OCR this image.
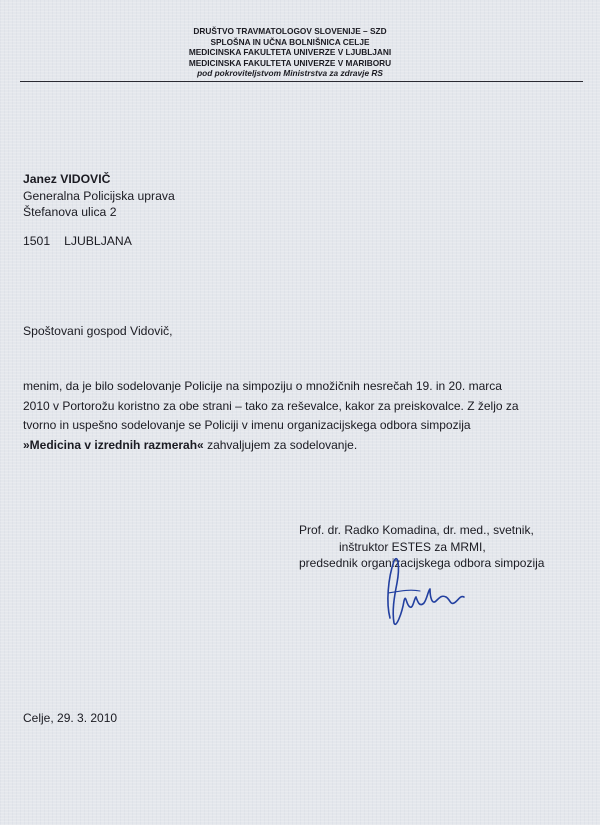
DRUŠTVO TRAVMATOLOGOV SLOVENIJE – SZD
SPLOŠNA IN UČNA BOLNIŠNICA CELJE
MEDICINSKA FAKULTETA UNIVERZE V LJUBLJANI
MEDICINSKA FAKULTETA UNIVERZE V MARIBORU
pod pokroviteljstvom Ministrstva za zdravje RS
Janez VIDOVIČ
Generalna Policijska uprava
Štefanova ulica 2
1501 LJUBLJANA
Spoštovani gospod Vidovič,
menim, da je bilo sodelovanje Policije na simpoziju o množičnih nesrečah 19. in 20. marca
2010 v Portorožu koristno za obe strani – tako za reševalce, kakor za preiskovalce. Z željo za
tvorno in uspešno sodelovanje se Policiji v imenu organizacijskega odbora simpozija
»Medicina v izrednih razmerah« zahvaljujem za sodelovanje.
Prof. dr. Radko Komadina, dr. med., svetnik,
inštruktor ESTES za MRMI,
predsednik organizacijskega odbora simpozija
Celje, 29. 3. 2010
